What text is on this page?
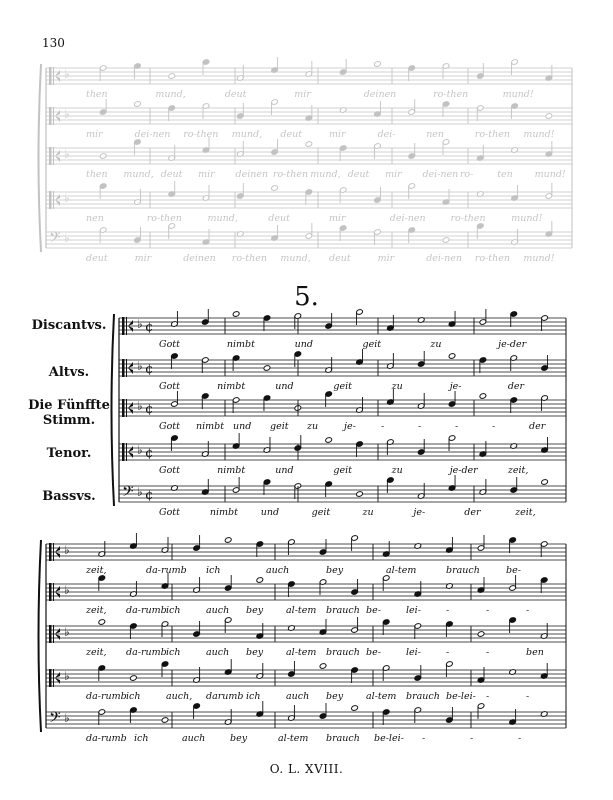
130
5.
O. L. XVIII.
Discantvs.
Altvs.
Die Fünffte Stimm.
Tenor.
Bassvs.
♭
♭
♭
♭
𝄢 ♭
then	mund,	deut	mir	deinen	ro-then	mund!
mir	dei-nen ro-then mund, deut	mir	dei-	nen	ro-then mund!
then mund, deut mir deinen ro-then mund, deut mir dei-nen ro-	ten mund!
nen	ro-then	mund,	deut	mir	dei-nen	ro-then	mund!
deut	mir	deinen ro-then mund, deut	mir	dei-nen ro-then mund!
♭ ¢
♭ ¢
♭ ¢
♭ ¢
𝄢 ♭ ¢
Gott	nimbt	und	geit	zu	je-der
Gott	nimbt	und	geit	zu	je-	der
Gott nimbt und geit zu	je-	-	-	-	-	der
Gott	nimbt	und	geit	zu	je-der	zeit,
Gott	nimbt und	geit	zu	je-	der	zeit,
♭
♭
♭
♭
𝄢 ♭
zeit,	da-rumb ich	auch	bey	al-tem	brauch	be-
zeit, da-rumb ich	auch bey al-tem brauch be-	lei-	-	-	-
zeit, da-rumb ich	auch bey al-tem brauch be-	lei-	-	-	ben
da-rumb ich	auch, darumb ich	auch bey al-tem brauch be-lei- -	-
da-rumb ich	auch	bey	al-tem brauch be-lei- -	-	-
